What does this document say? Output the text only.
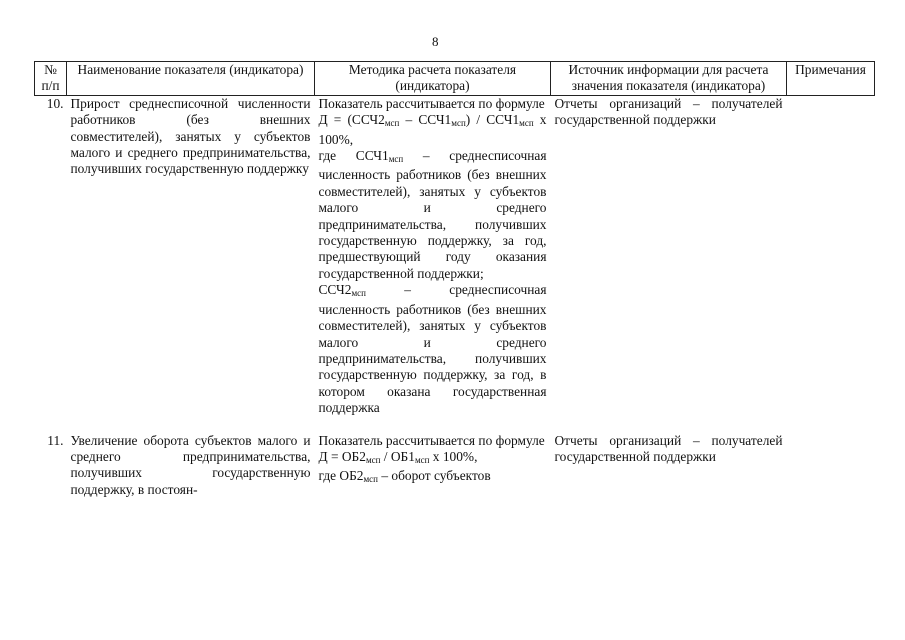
8
№ п/п	Наименование показателя (индикатора)	Методика расчета показателя (индикатора)	Источник информации для расчета значения показателя (индикатора)	Примечания
10.	Прирост среднесписочной численности работников (без внешних совместителей), занятых у субъектов малого и среднего предпринимательства, получивших государственную поддержку	Показатель рассчитывается по формуле
Д = (ССЧ2мсп – ССЧ1мсп) / ССЧ1мсп х 100%,
где ССЧ1мсп – среднесписочная численность работников (без внешних совместителей), занятых у субъектов малого и среднего предпринимательства, получивших государственную поддержку, за год, предшествующий году оказания государственной поддержки;
ССЧ2мсп – среднесписочная численность работников (без внешних совместителей), занятых у субъектов малого и среднего предпринимательства, получивших государственную поддержку, за год, в котором оказана государственная поддержка	Отчеты организаций – получателей государственной поддержки	

11.	Увеличение оборота субъектов малого и среднего предпринимательства, получивших государственную поддержку, в постоян-	Показатель рассчитывается по формуле
Д = ОБ2мсп / ОБ1мсп х 100%,
где ОБ2мсп – оборот субъектов	Отчеты организаций – получателей государственной поддержки	
